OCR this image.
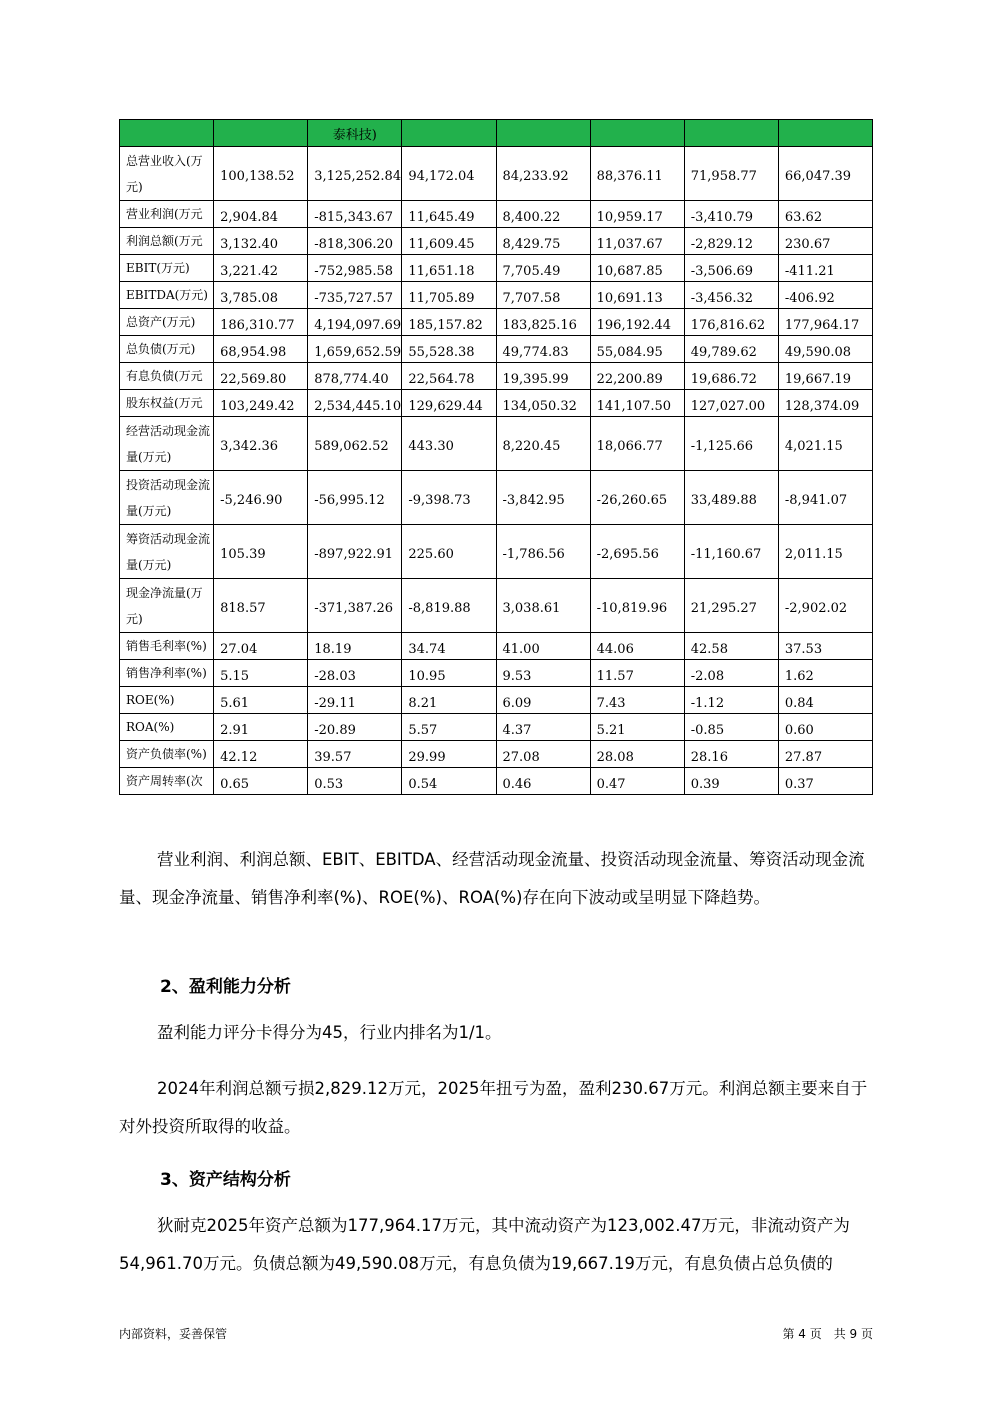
		泰科技)					
总营业收入(万元)	100,138.52	3,125,252.84	94,172.04	84,233.92	88,376.11	71,958.77	66,047.39
营业利润(万元	2,904.84	-815,343.67	11,645.49	8,400.22	10,959.17	-3,410.79	63.62
利润总额(万元	3,132.40	-818,306.20	11,609.45	8,429.75	11,037.67	-2,829.12	230.67
EBIT(万元)	3,221.42	-752,985.58	11,651.18	7,705.49	10,687.85	-3,506.69	-411.21
EBITDA(万元)	3,785.08	-735,727.57	11,705.89	7,707.58	10,691.13	-3,456.32	-406.92
总资产(万元)	186,310.77	4,194,097.69	185,157.82	183,825.16	196,192.44	176,816.62	177,964.17
总负债(万元)	68,954.98	1,659,652.59	55,528.38	49,774.83	55,084.95	49,789.62	49,590.08
有息负债(万元	22,569.80	878,774.40	22,564.78	19,395.99	22,200.89	19,686.72	19,667.19
股东权益(万元	103,249.42	2,534,445.10	129,629.44	134,050.32	141,107.50	127,027.00	128,374.09
经营活动现金流量(万元)	3,342.36	589,062.52	443.30	8,220.45	18,066.77	-1,125.66	4,021.15
投资活动现金流量(万元)	-5,246.90	-56,995.12	-9,398.73	-3,842.95	-26,260.65	33,489.88	-8,941.07
筹资活动现金流量(万元)	105.39	-897,922.91	225.60	-1,786.56	-2,695.56	-11,160.67	2,011.15
现金净流量(万元)	818.57	-371,387.26	-8,819.88	3,038.61	-10,819.96	21,295.27	-2,902.02
销售毛利率(%)	27.04	18.19	34.74	41.00	44.06	42.58	37.53
销售净利率(%)	5.15	-28.03	10.95	9.53	11.57	-2.08	1.62
ROE(%)	5.61	-29.11	8.21	6.09	7.43	-1.12	0.84
ROA(%)	2.91	-20.89	5.57	4.37	5.21	-0.85	0.60
资产负债率(%)	42.12	39.57	29.99	27.08	28.08	28.16	27.87
资产周转率(次	0.65	0.53	0.54	0.46	0.47	0.39	0.37

营业利润、利润总额、EBIT、EBITDA、经营活动现金流量、投资活动现金流量、筹资活动现金流量、现金净流量、销售净利率(%)、ROE(%)、ROA(%)存在向下波动或呈明显下降趋势。

2、盈利能力分析

盈利能力评分卡得分为45，行业内排名为1/1。

2024年利润总额亏损2,829.12万元，2025年扭亏为盈，盈利230.67万元。利润总额主要来自于对外投资所取得的收益。

3、资产结构分析

狄耐克2025年资产总额为177,964.17万元，其中流动资产为123,002.47万元，非流动资产为54,961.70万元。负债总额为49,590.08万元，有息负债为19,667.19万元，有息负债占总负债的

内部资料，妥善保管	第 4 页　共 9 页
